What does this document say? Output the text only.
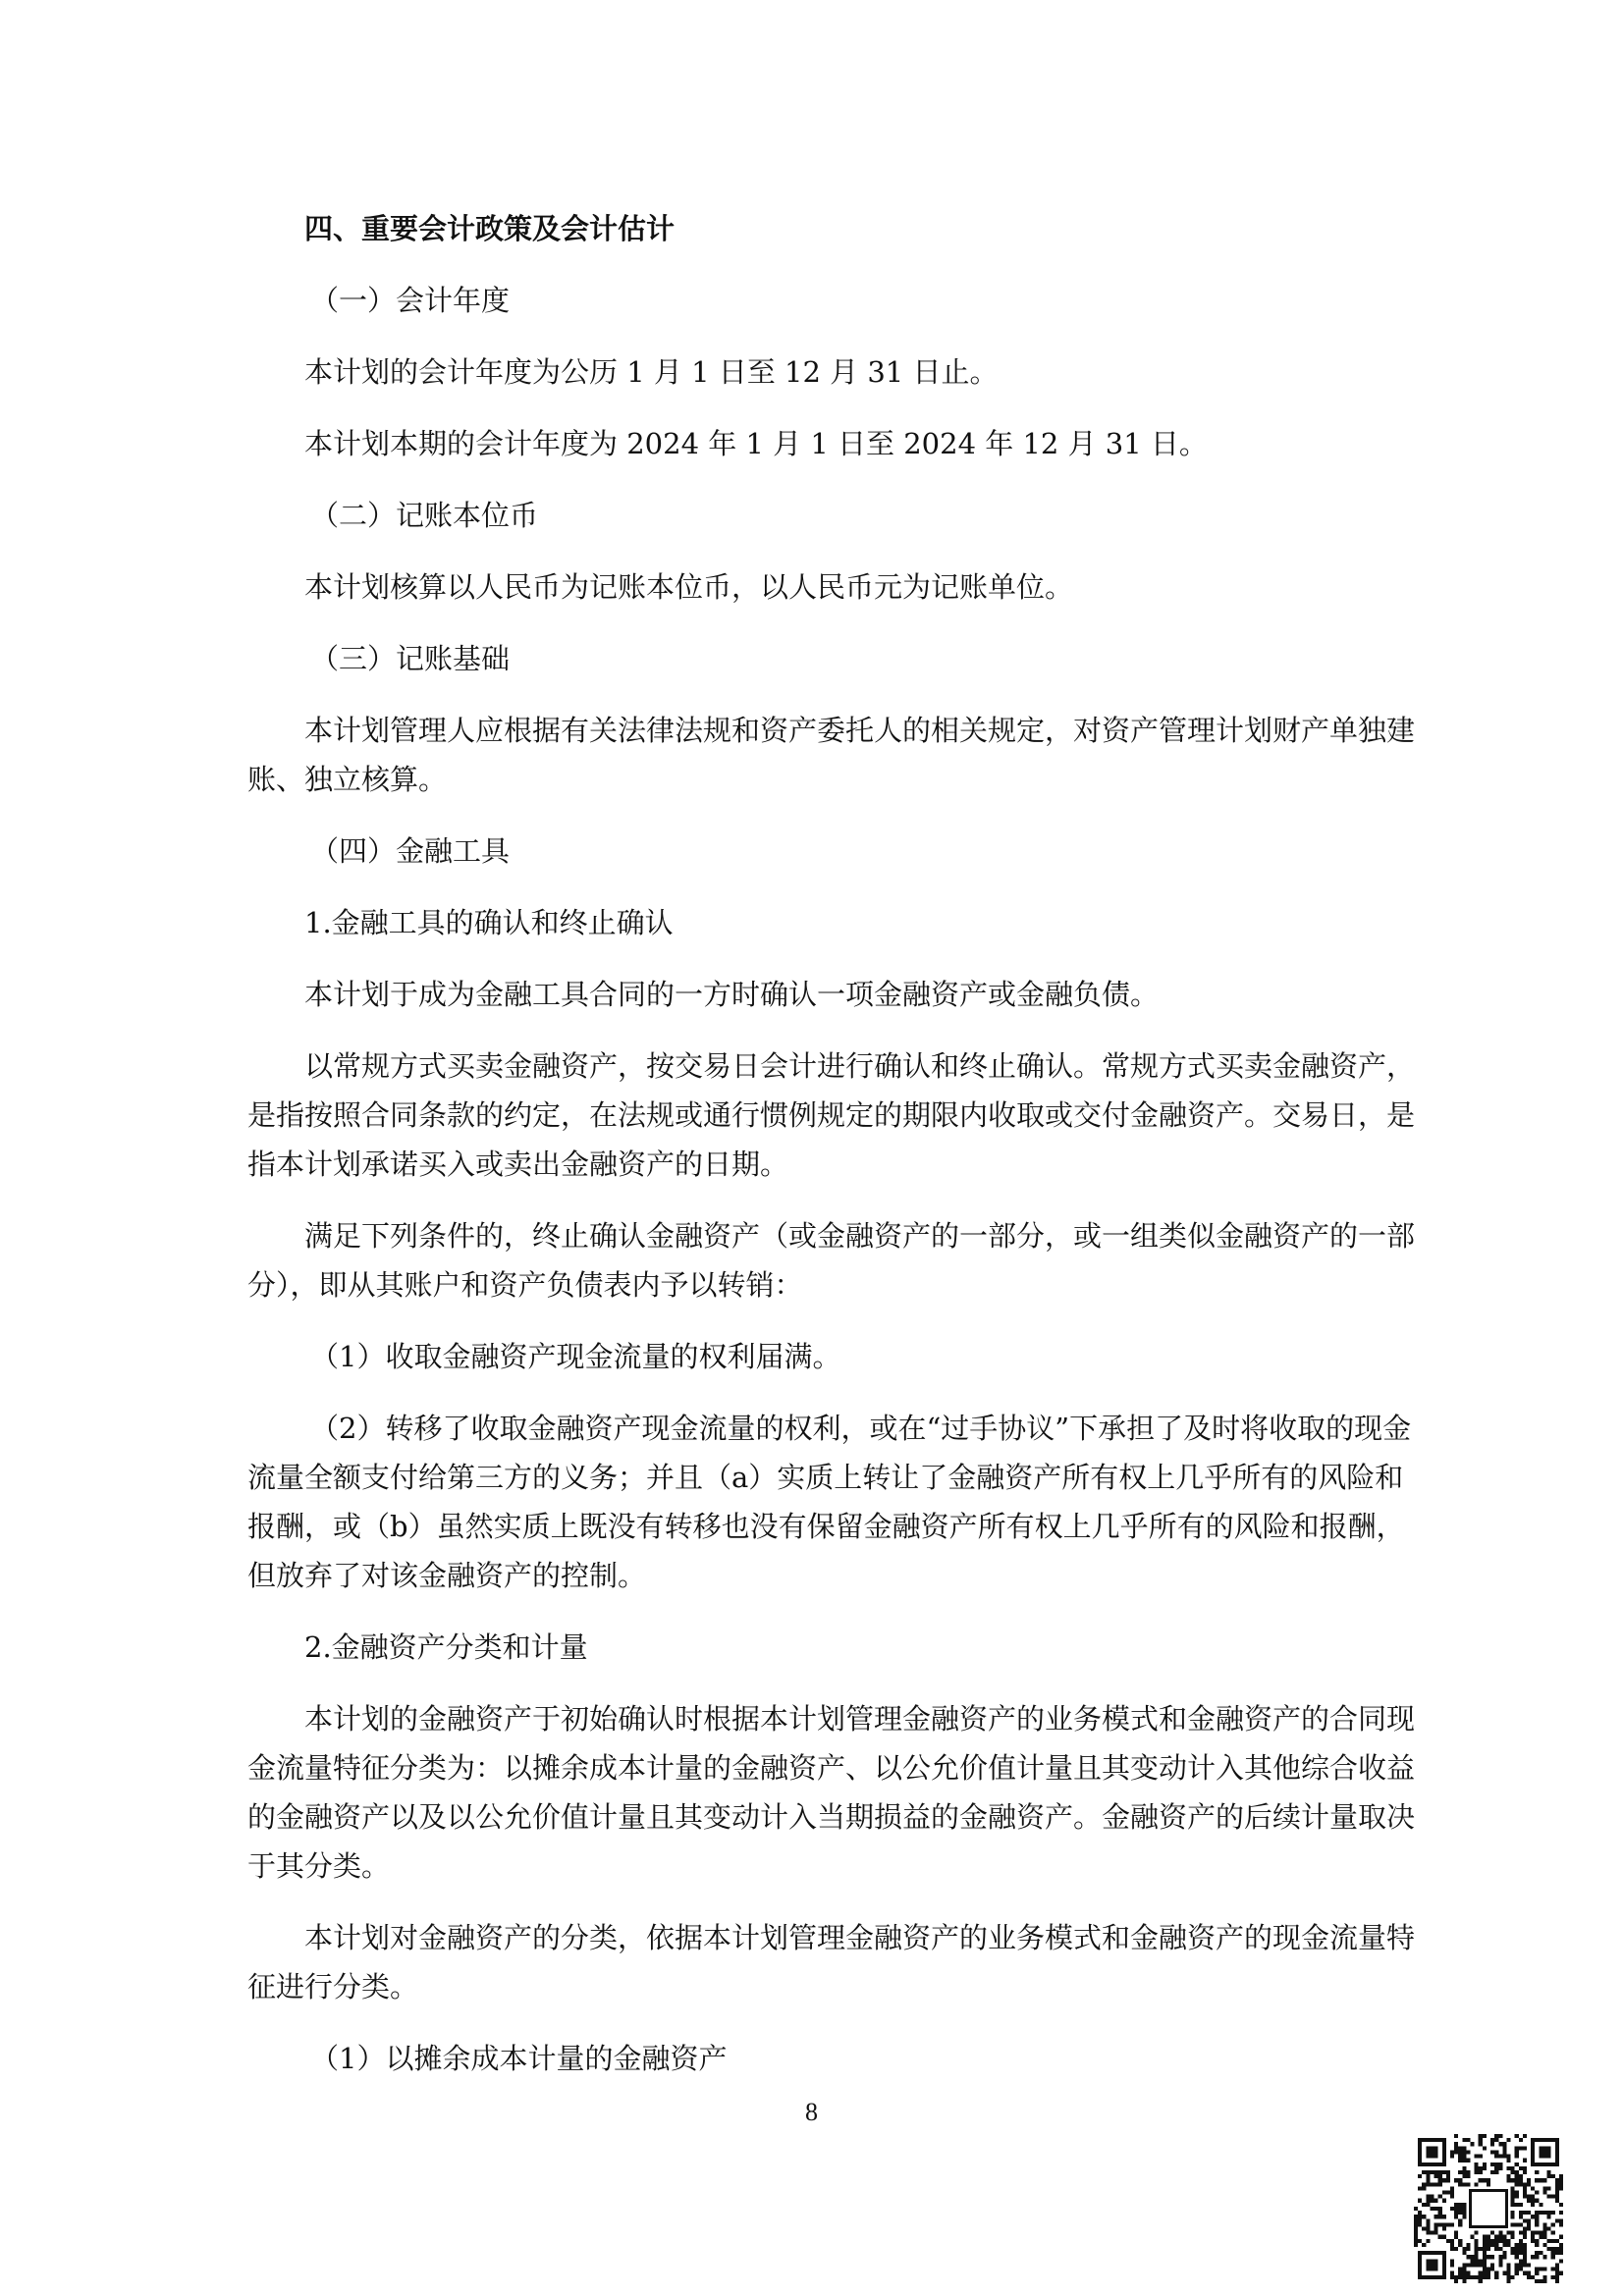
四、重要会计政策及会计估计

（一）会计年度

本计划的会计年度为公历 1 月 1 日至 12 月 31 日止。

本计划本期的会计年度为 2024 年 1 月 1 日至 2024 年 12 月 31 日。

（二）记账本位币

本计划核算以人民币为记账本位币，以人民币元为记账单位。

（三）记账基础

本计划管理人应根据有关法律法规和资产委托人的相关规定，对资产管理计划财产单独建账、独立核算。

（四）金融工具

1.金融工具的确认和终止确认

本计划于成为金融工具合同的一方时确认一项金融资产或金融负债。

以常规方式买卖金融资产，按交易日会计进行确认和终止确认。常规方式买卖金融资产，是指按照合同条款的约定，在法规或通行惯例规定的期限内收取或交付金融资产。交易日，是指本计划承诺买入或卖出金融资产的日期。

满足下列条件的，终止确认金融资产（或金融资产的一部分，或一组类似金融资产的一部分），即从其账户和资产负债表内予以转销：

（1）收取金融资产现金流量的权利届满。

（2）转移了收取金融资产现金流量的权利，或在“过手协议”下承担了及时将收取的现金流量全额支付给第三方的义务；并且（a）实质上转让了金融资产所有权上几乎所有的风险和报酬，或（b）虽然实质上既没有转移也没有保留金融资产所有权上几乎所有的风险和报酬，但放弃了对该金融资产的控制。

2.金融资产分类和计量

本计划的金融资产于初始确认时根据本计划管理金融资产的业务模式和金融资产的合同现金流量特征分类为：以摊余成本计量的金融资产、以公允价值计量且其变动计入其他综合收益的金融资产以及以公允价值计量且其变动计入当期损益的金融资产。金融资产的后续计量取决于其分类。

本计划对金融资产的分类，依据本计划管理金融资产的业务模式和金融资产的现金流量特征进行分类。

（1）以摊余成本计量的金融资产

8
